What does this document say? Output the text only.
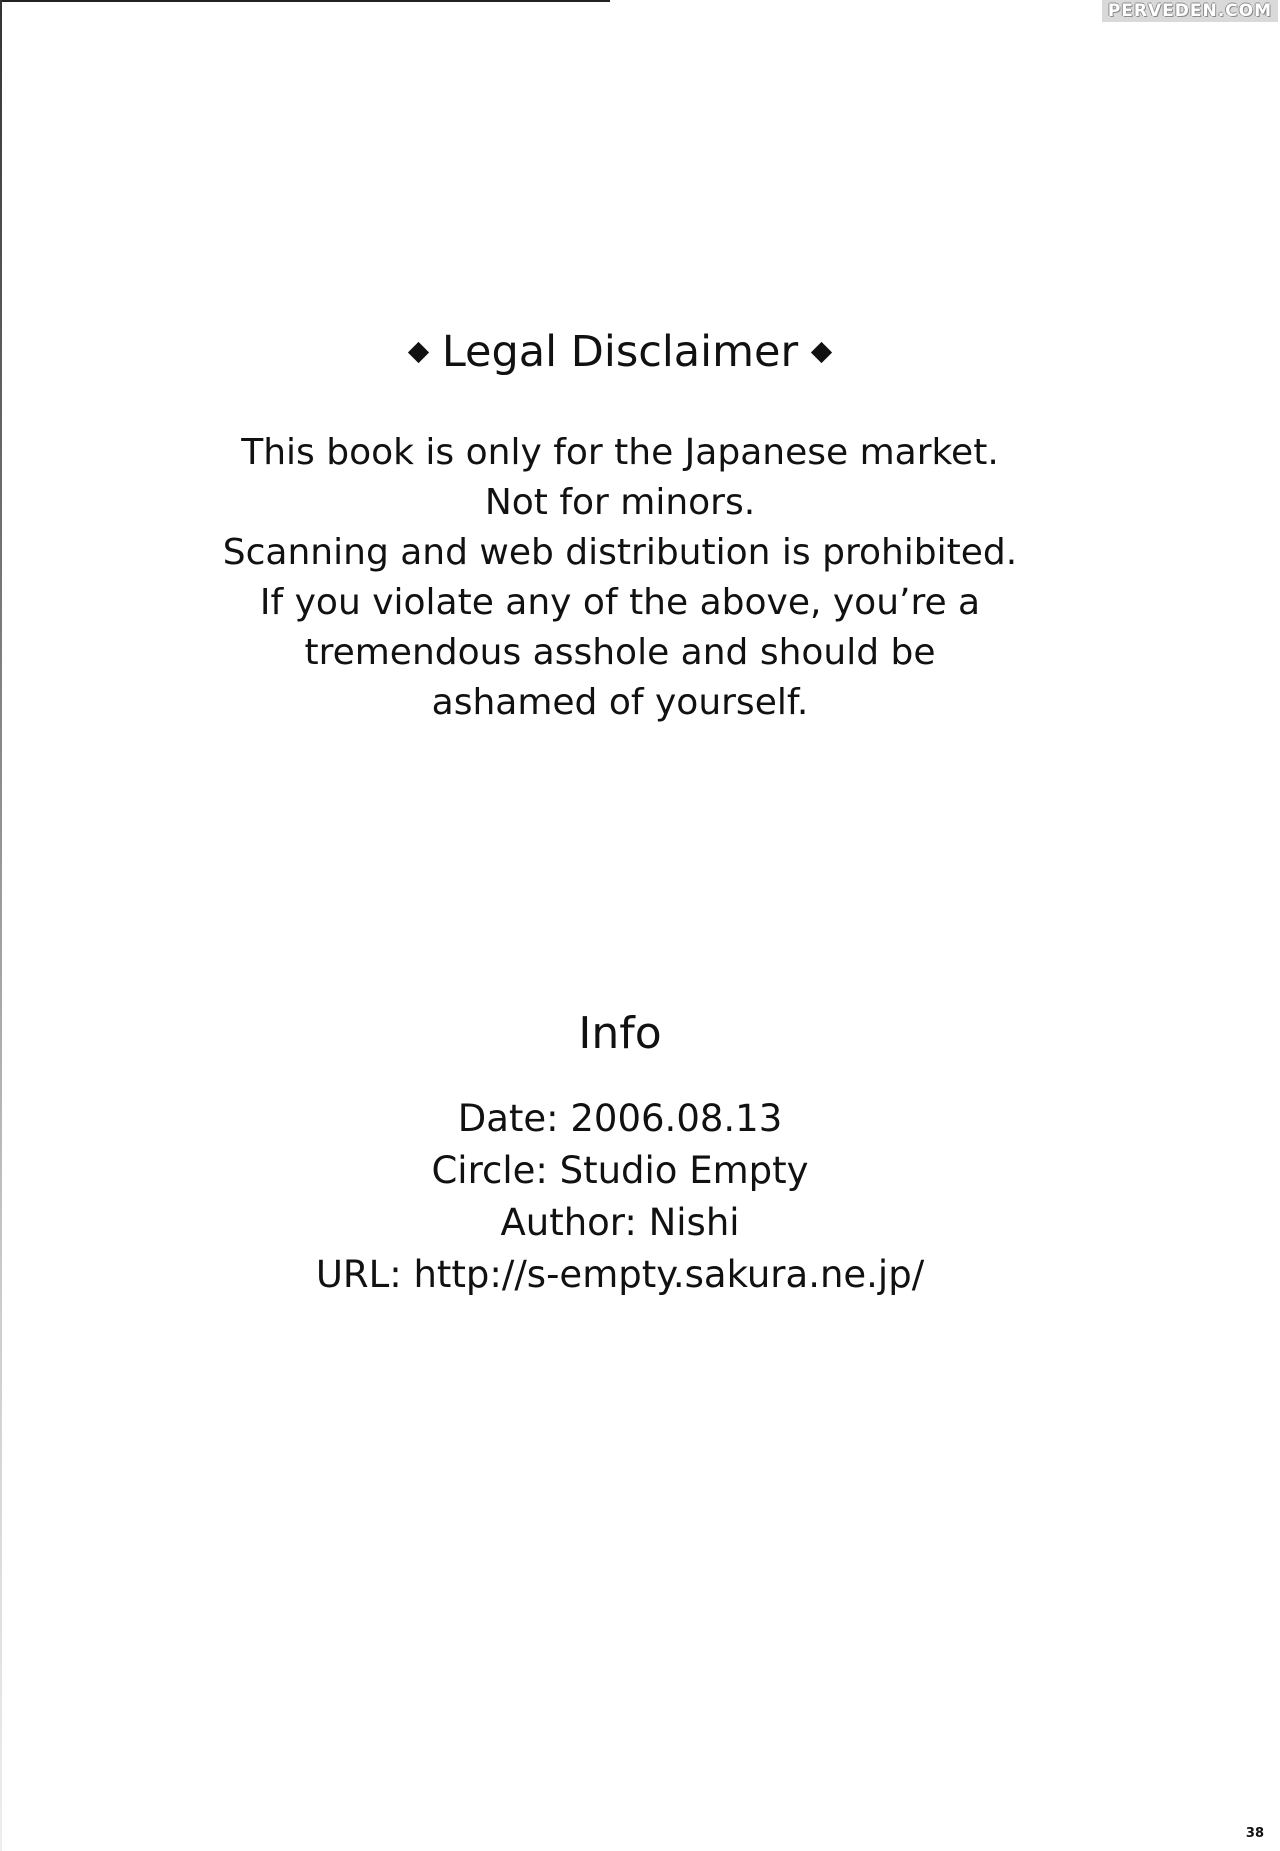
PERVEDEN.COM
Legal Disclaimer
This book is only for the Japanese market.
Not for minors.
Scanning and web distribution is prohibited.
If you violate any of the above, you’re a
tremendous asshole and should be
ashamed of yourself.
Info
Date: 2006.08.13
Circle: Studio Empty
Author: Nishi
URL: http://s-empty.sakura.ne.jp/
38
